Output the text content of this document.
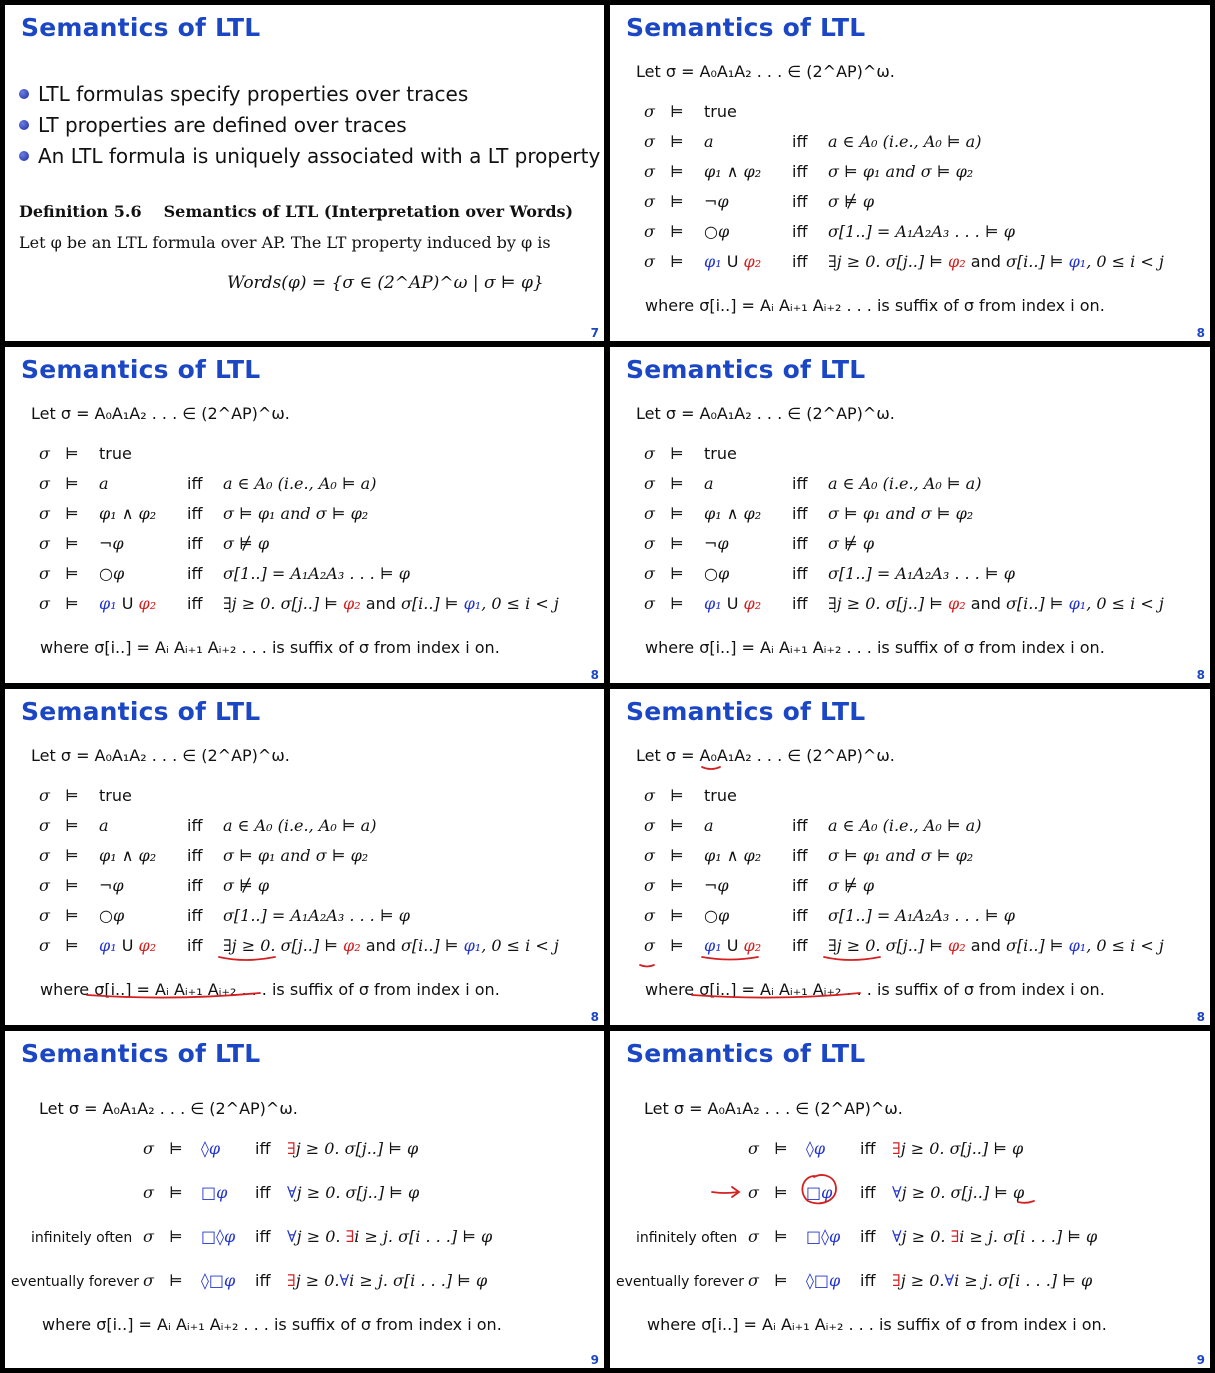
Semantics of LTL
LTL formulas specify properties over traces
LT properties are defined over traces
An LTL formula is uniquely associated with a LT property
Definition 5.6 Semantics of LTL (Interpretation over Words)
Let φ be an LTL formula over AP. The LT property induced by φ is
Words(φ) = {σ ∈ (2^AP)^ω | σ ⊨ φ}
7
Semantics of LTL
Let σ = A₀A₁A₂ . . . ∈ (2^AP)^ω.
σ ⊨ true
σ ⊨ a	iff a ∈ A₀ (i.e., A₀ ⊨ a)
σ ⊨ φ₁ ∧ φ₂ iff σ ⊨ φ₁ and σ ⊨ φ₂
σ ⊨ ¬φ	iff σ ⊭ φ
σ ⊨ ○φ	iff σ[1..] = A₁A₂A₃ . . . ⊨ φ
σ ⊨ φ₁ U φ₂ iff ∃j ≥ 0. σ[j..] ⊨ φ₂ and σ[i..] ⊨ φ₁, 0 ≤ i < j
where σ[i..] = Aᵢ Aᵢ₊₁ Aᵢ₊₂ . . . is suffix of σ from index i on.
8
Semantics of LTL
Let σ = A₀A₁A₂ . . . ∈ (2^AP)^ω.
σ ⊨ true
σ ⊨ a	iff a ∈ A₀ (i.e., A₀ ⊨ a)
σ ⊨ φ₁ ∧ φ₂ iff σ ⊨ φ₁ and σ ⊨ φ₂
σ ⊨ ¬φ	iff σ ⊭ φ
σ ⊨ ○φ	iff σ[1..] = A₁A₂A₃ . . . ⊨ φ
σ ⊨ φ₁ U φ₂ iff ∃j ≥ 0. σ[j..] ⊨ φ₂ and σ[i..] ⊨ φ₁, 0 ≤ i < j
where σ[i..] = Aᵢ Aᵢ₊₁ Aᵢ₊₂ . . . is suffix of σ from index i on.
8
Semantics of LTL
Let σ = A₀A₁A₂ . . . ∈ (2^AP)^ω.
σ ⊨ true
σ ⊨ a	iff a ∈ A₀ (i.e., A₀ ⊨ a)
σ ⊨ φ₁ ∧ φ₂ iff σ ⊨ φ₁ and σ ⊨ φ₂
σ ⊨ ¬φ	iff σ ⊭ φ
σ ⊨ ○φ	iff σ[1..] = A₁A₂A₃ . . . ⊨ φ
σ ⊨ φ₁ U φ₂ iff ∃j ≥ 0. σ[j..] ⊨ φ₂ and σ[i..] ⊨ φ₁, 0 ≤ i < j
where σ[i..] = Aᵢ Aᵢ₊₁ Aᵢ₊₂ . . . is suffix of σ from index i on.
8
Semantics of LTL
Let σ = A₀A₁A₂ . . . ∈ (2^AP)^ω.
σ ⊨ true
σ ⊨ a	iff a ∈ A₀ (i.e., A₀ ⊨ a)
σ ⊨ φ₁ ∧ φ₂ iff σ ⊨ φ₁ and σ ⊨ φ₂
σ ⊨ ¬φ	iff σ ⊭ φ
σ ⊨ ○φ	iff σ[1..] = A₁A₂A₃ . . . ⊨ φ
σ ⊨ φ₁ U φ₂ iff ∃j ≥ 0. σ[j..] ⊨ φ₂ and σ[i..] ⊨ φ₁, 0 ≤ i < j
where σ[i..] = Aᵢ Aᵢ₊₁ Aᵢ₊₂ . . . is suffix of σ from index i on.
8
Semantics of LTL
Let σ = A₀A₁A₂ . . . ∈ (2^AP)^ω.
σ ⊨ true
σ ⊨ a	iff a ∈ A₀ (i.e., A₀ ⊨ a)
σ ⊨ φ₁ ∧ φ₂ iff σ ⊨ φ₁ and σ ⊨ φ₂
σ ⊨ ¬φ	iff σ ⊭ φ
σ ⊨ ○φ	iff σ[1..] = A₁A₂A₃ . . . ⊨ φ
σ ⊨ φ₁ U φ₂ iff ∃j ≥ 0. σ[j..] ⊨ φ₂ and σ[i..] ⊨ φ₁, 0 ≤ i < j
where σ[i..] = Aᵢ Aᵢ₊₁ Aᵢ₊₂ . . . is suffix of σ from index i on.
8
Semantics of LTL
Let σ = A₀A₁A₂ . . . ∈ (2^AP)^ω.
σ ⊨ ◊φ iff ∃j ≥ 0. σ[j..] ⊨ φ
σ ⊨ □φ iff ∀j ≥ 0. σ[j..] ⊨ φ
infinitely often σ ⊨ □◊φ iff ∀j ≥ 0. ∃i ≥ j. σ[i . . .] ⊨ φ
eventually forever σ ⊨ ◊□φ iff ∃j ≥ 0.∀i ≥ j. σ[i . . .] ⊨ φ
where σ[i..] = Aᵢ Aᵢ₊₁ Aᵢ₊₂ . . . is suffix of σ from index i on.
9
Semantics of LTL
Let σ = A₀A₁A₂ . . . ∈ (2^AP)^ω.
σ ⊨ ◊φ iff ∃j ≥ 0. σ[j..] ⊨ φ
σ ⊨ □φ iff ∀j ≥ 0. σ[j..] ⊨ φ
infinitely often σ ⊨ □◊φ iff ∀j ≥ 0. ∃i ≥ j. σ[i . . .] ⊨ φ
eventually forever σ ⊨ ◊□φ iff ∃j ≥ 0.∀i ≥ j. σ[i . . .] ⊨ φ
where σ[i..] = Aᵢ Aᵢ₊₁ Aᵢ₊₂ . . . is suffix of σ from index i on.
9
